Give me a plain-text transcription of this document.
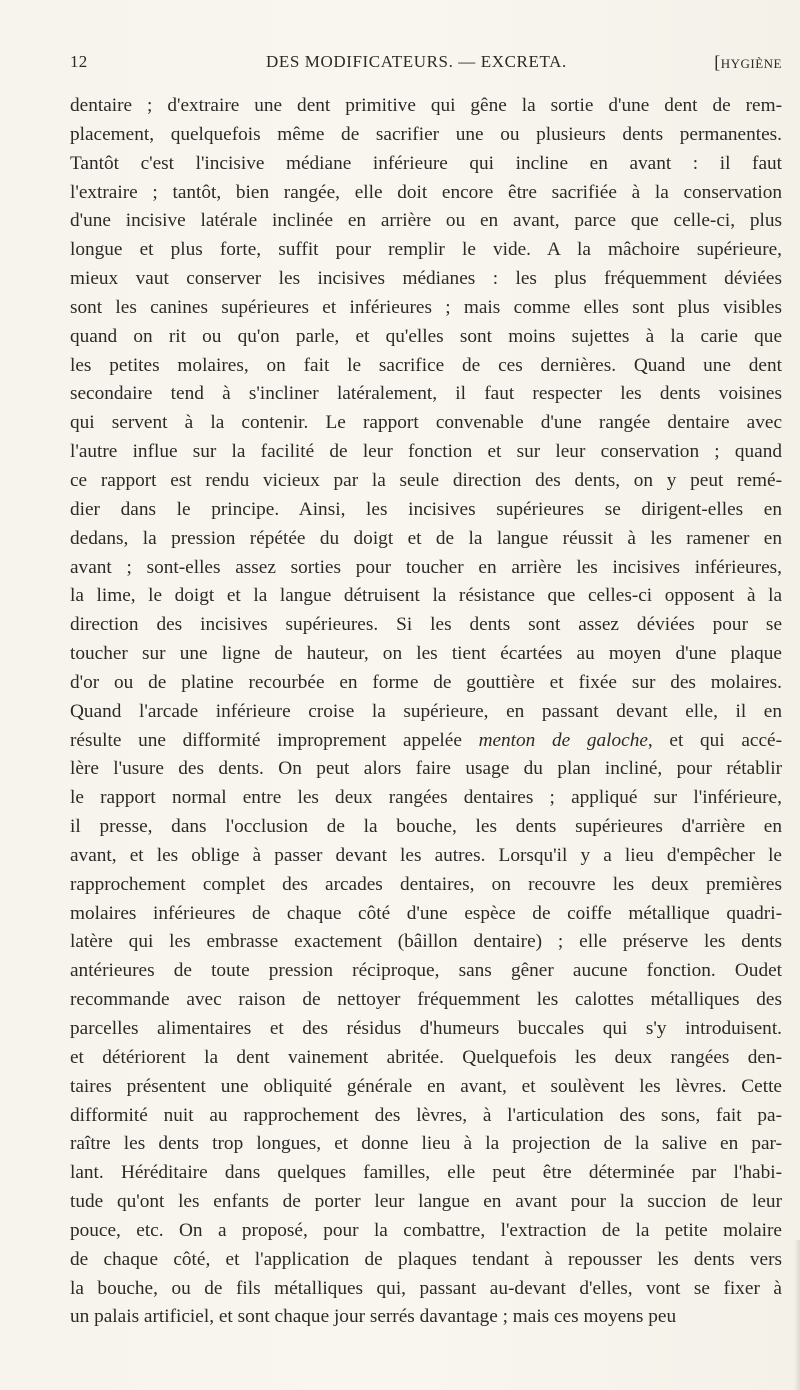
12	DES MODIFICATEURS. — EXCRETA.	[HYGIÈNE
dentaire ; d'extraire une dent primitive qui gêne la sortie d'une dent de rem-
placement, quelquefois même de sacrifier une ou plusieurs dents permanentes.
Tantôt c'est l'incisive médiane inférieure qui incline en avant : il faut
l'extraire ; tantôt, bien rangée, elle doit encore être sacrifiée à la conservation
d'une incisive latérale inclinée en arrière ou en avant, parce que celle-ci, plus
longue et plus forte, suffit pour remplir le vide. A la mâchoire supérieure,
mieux vaut conserver les incisives médianes : les plus fréquemment déviées
sont les canines supérieures et inférieures ; mais comme elles sont plus visibles
quand on rit ou qu'on parle, et qu'elles sont moins sujettes à la carie que
les petites molaires, on fait le sacrifice de ces dernières. Quand une dent
secondaire tend à s'incliner latéralement, il faut respecter les dents voisines
qui servent à la contenir. Le rapport convenable d'une rangée dentaire avec
l'autre influe sur la facilité de leur fonction et sur leur conservation ; quand
ce rapport est rendu vicieux par la seule direction des dents, on y peut remé-
dier dans le principe. Ainsi, les incisives supérieures se dirigent-elles en
dedans, la pression répétée du doigt et de la langue réussit à les ramener en
avant ; sont-elles assez sorties pour toucher en arrière les incisives inférieures,
la lime, le doigt et la langue détruisent la résistance que celles-ci opposent à la
direction des incisives supérieures. Si les dents sont assez déviées pour se
toucher sur une ligne de hauteur, on les tient écartées au moyen d'une plaque
d'or ou de platine recourbée en forme de gouttière et fixée sur des molaires.
Quand l'arcade inférieure croise la supérieure, en passant devant elle, il en
résulte une difformité improprement appelée menton de galoche, et qui accé-
lère l'usure des dents. On peut alors faire usage du plan incliné, pour rétablir
le rapport normal entre les deux rangées dentaires ; appliqué sur l'inférieure,
il presse, dans l'occlusion de la bouche, les dents supérieures d'arrière en
avant, et les oblige à passer devant les autres. Lorsqu'il y a lieu d'empêcher le
rapprochement complet des arcades dentaires, on recouvre les deux premières
molaires inférieures de chaque côté d'une espèce de coiffe métallique quadri-
latère qui les embrasse exactement (bâillon dentaire) ; elle préserve les dents
antérieures de toute pression réciproque, sans gêner aucune fonction. Oudet
recommande avec raison de nettoyer fréquemment les calottes métalliques des
parcelles alimentaires et des résidus d'humeurs buccales qui s'y introduisent.
et détériorent la dent vainement abritée. Quelquefois les deux rangées den-
taires présentent une obliquité générale en avant, et soulèvent les lèvres. Cette
difformité nuit au rapprochement des lèvres, à l'articulation des sons, fait pa-
raître les dents trop longues, et donne lieu à la projection de la salive en par-
lant. Héréditaire dans quelques familles, elle peut être déterminée par l'habi-
tude qu'ont les enfants de porter leur langue en avant pour la succion de leur
pouce, etc. On a proposé, pour la combattre, l'extraction de la petite molaire
de chaque côté, et l'application de plaques tendant à repousser les dents vers
la bouche, ou de fils métalliques qui, passant au-devant d'elles, vont se fixer à
un palais artificiel, et sont chaque jour serrés davantage ; mais ces moyens peu
